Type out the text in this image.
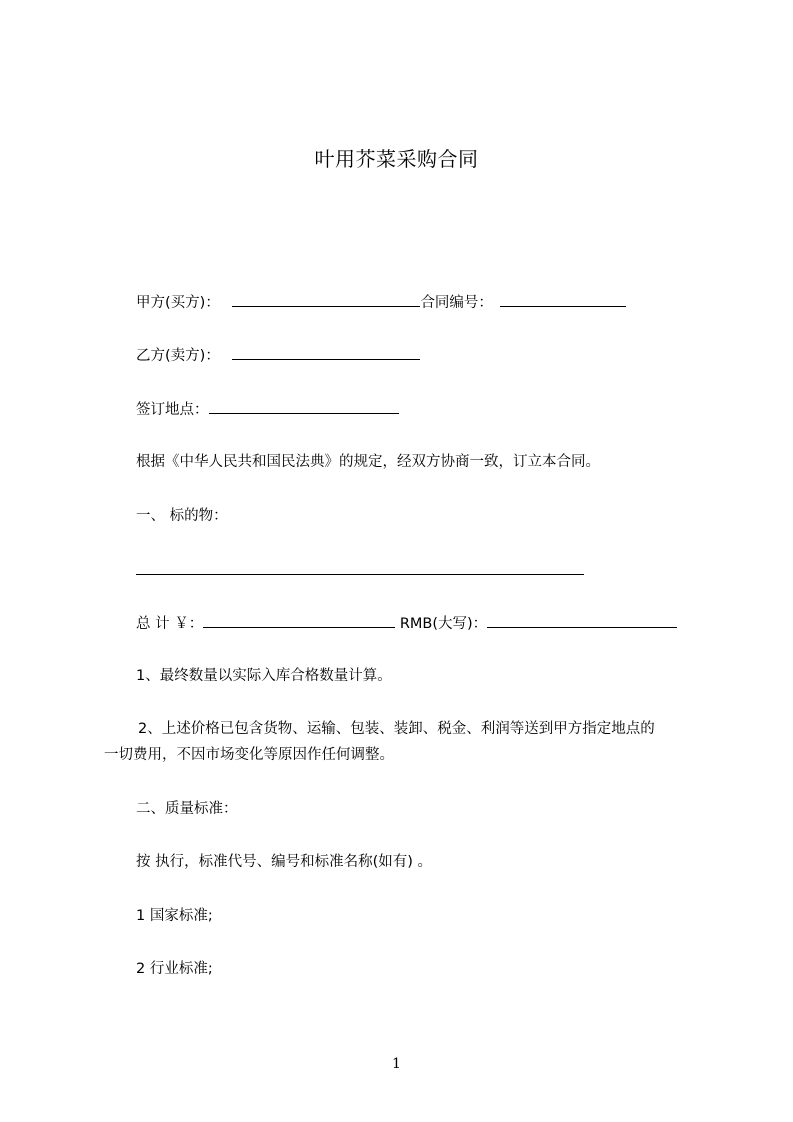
叶用芥菜采购合同
甲方(买方)：	合同编号：
乙方(卖方)：
签订地点：
根据《中华人民共和国民法典》的规定，经双方协商一致，订立本合同。
一、 标的物：
总 计 ￥：	RMB(大写)：
1、最终数量以实际入库合格数量计算。
2、上述价格已包含货物、运输、包装、装卸、税金、利润等送到甲方指定地点的
一切费用，不因市场变化等原因作任何调整。
二、质量标准：
按 执行，标准代号、编号和标准名称(如有) 。
1 国家标准;
2 行业标准;
1
